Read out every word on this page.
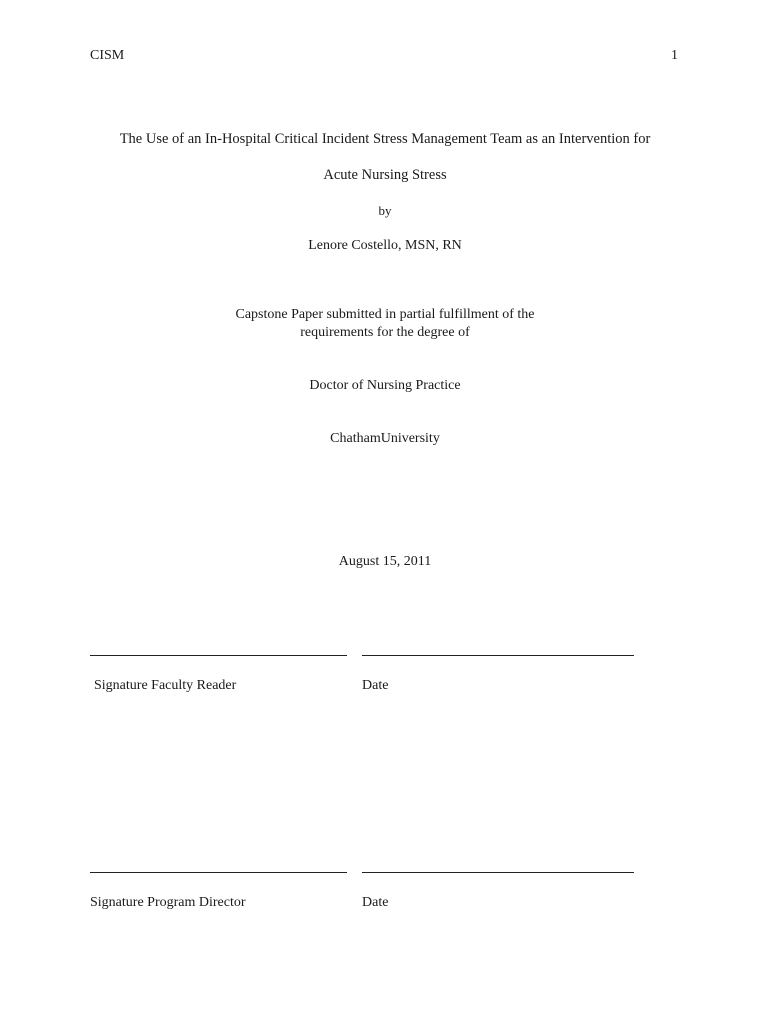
CISM	1
The Use of an In-Hospital Critical Incident Stress Management Team as an Intervention for
Acute Nursing Stress
by
Lenore Costello, MSN, RN
Capstone Paper submitted in partial fulfillment of the
requirements for the degree of
Doctor of Nursing Practice
ChathamUniversity
August 15, 2011
Signature Faculty Reader	Date
Signature Program Director	Date
